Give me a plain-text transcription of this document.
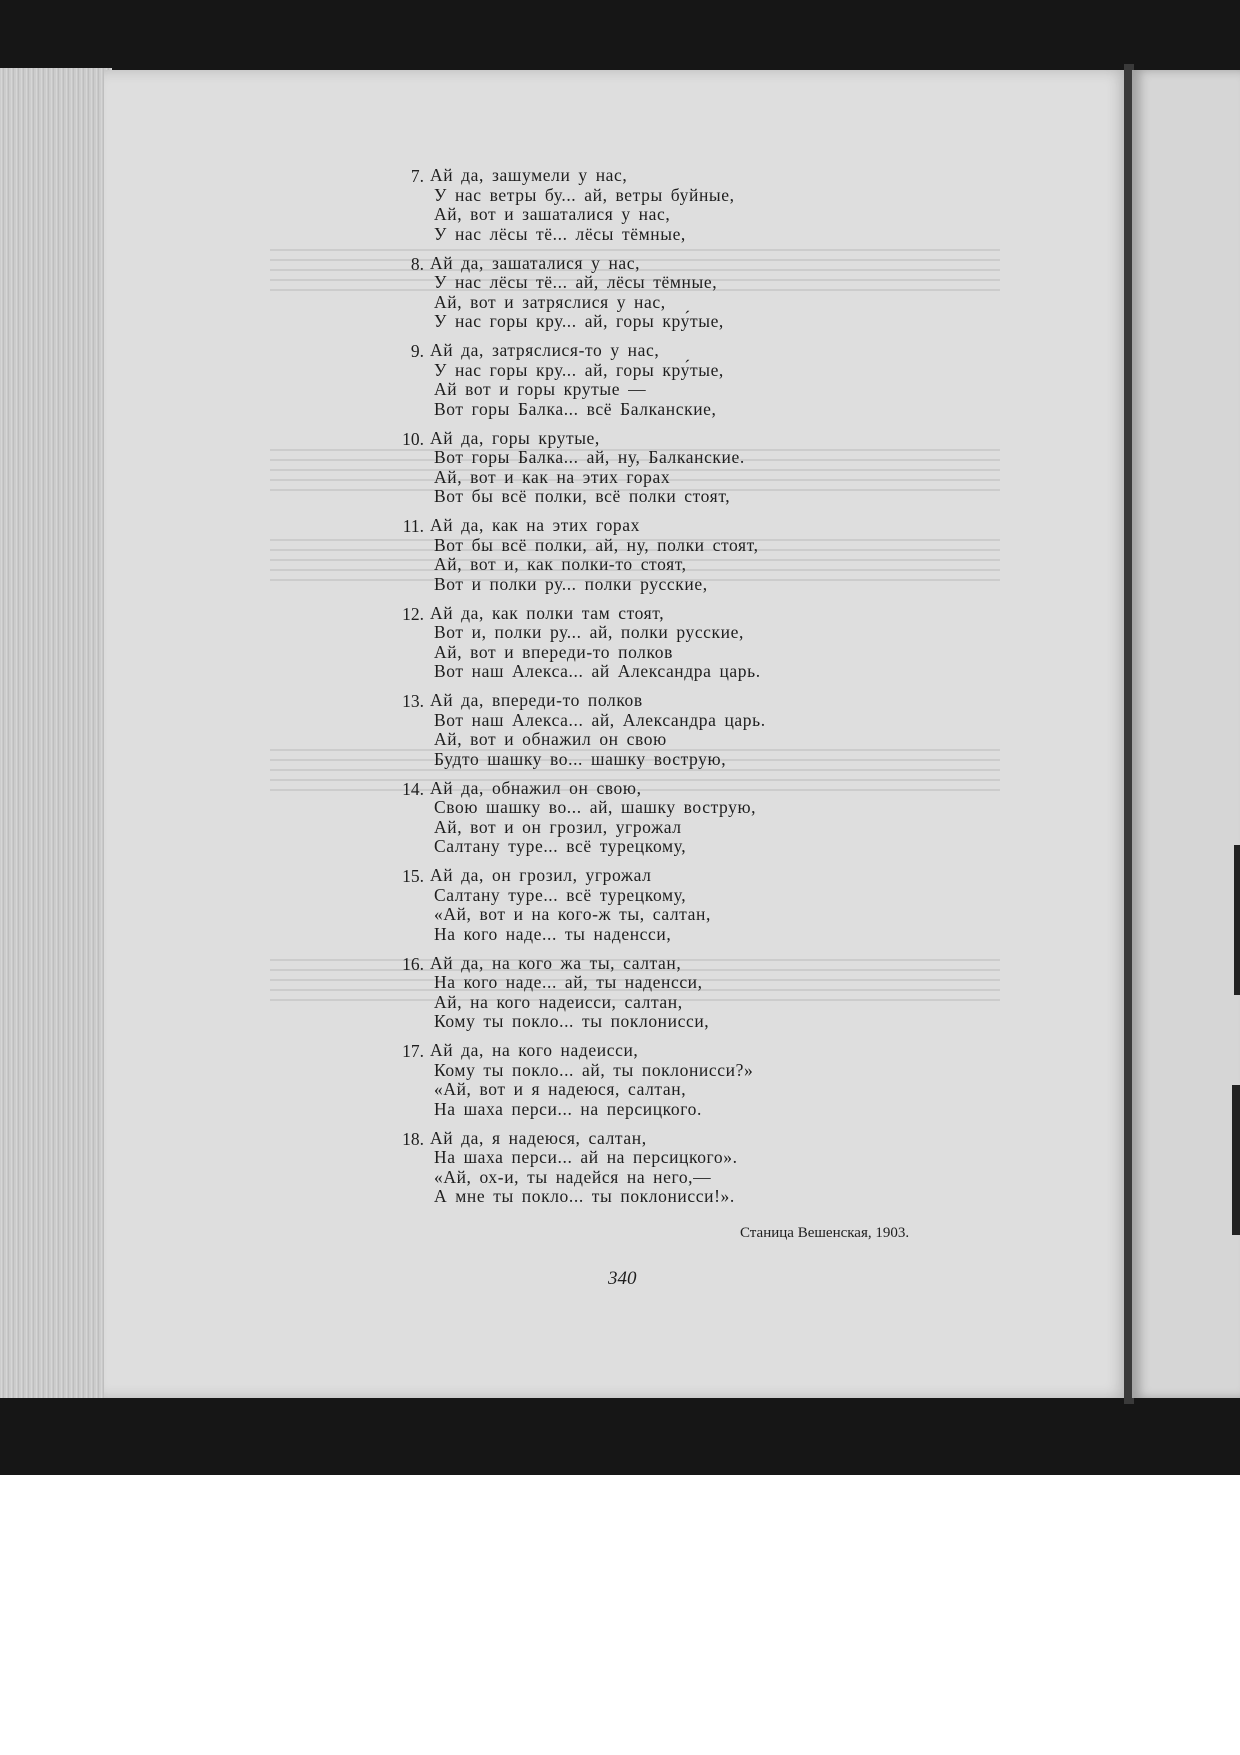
7. Ай да, зашумели у нас,
У нас ветры бу... ай, ветры буйные,
Ай, вот и зашаталися у нас,
У нас лёсы тё... лёсы тёмные,
8. Ай да, зашаталися у нас,
У нас лёсы тё... ай, лёсы тёмные,
Ай, вот и затряслися у нас,
У нас горы кру... ай, горы кру́тые,
9. Ай да, затряслися-то у нас,
У нас горы кру... ай, горы кру́тые,
Ай вот и горы крутые —
Вот горы Балка... всё Балканские,
10. Ай да, горы крутые,
Вот горы Балка... ай, ну, Балканские.
Ай, вот и как на этих горах
Вот бы всё полки, всё полки стоят,
11. Ай да, как на этих горах
Вот бы всё полки, ай, ну, полки стоят,
Ай, вот и, как полки-то стоят,
Вот и полки ру... полки русские,
12. Ай да, как полки там стоят,
Вот и, полки ру... ай, полки русские,
Ай, вот и впереди-то полков
Вот наш Алекса... ай Александра царь.
13. Ай да, впереди-то полков
Вот наш Алекса... ай, Александра царь.
Ай, вот и обнажил он свою
Будто шашку во... шашку вострую,
14. Ай да, обнажил он свою,
Свою шашку во... ай, шашку вострую,
Ай, вот и он грозил, угрожал
Салтану туре... всё турецкому,
15. Ай да, он грозил, угрожал
Салтану туре... всё турецкому,
«Ай, вот и на кого-ж ты, салтан,
На кого наде... ты наденсси,
16. Ай да, на кого жа ты, салтан,
На кого наде... ай, ты наденсси,
Ай, на кого надеисси, салтан,
Кому ты покло... ты поклонисси,
17. Ай да, на кого надеисси,
Кому ты покло... ай, ты поклонисси?»
«Ай, вот и я надеюся, салтан,
На шаха перси... на персицкого.
18. Ай да, я надеюся, салтан,
На шаха перси... ай на персицкого».
«Ай, ох-и, ты надейся на него,—
А мне ты покло... ты поклонисси!».
Станица Вешенская, 1903.
340
